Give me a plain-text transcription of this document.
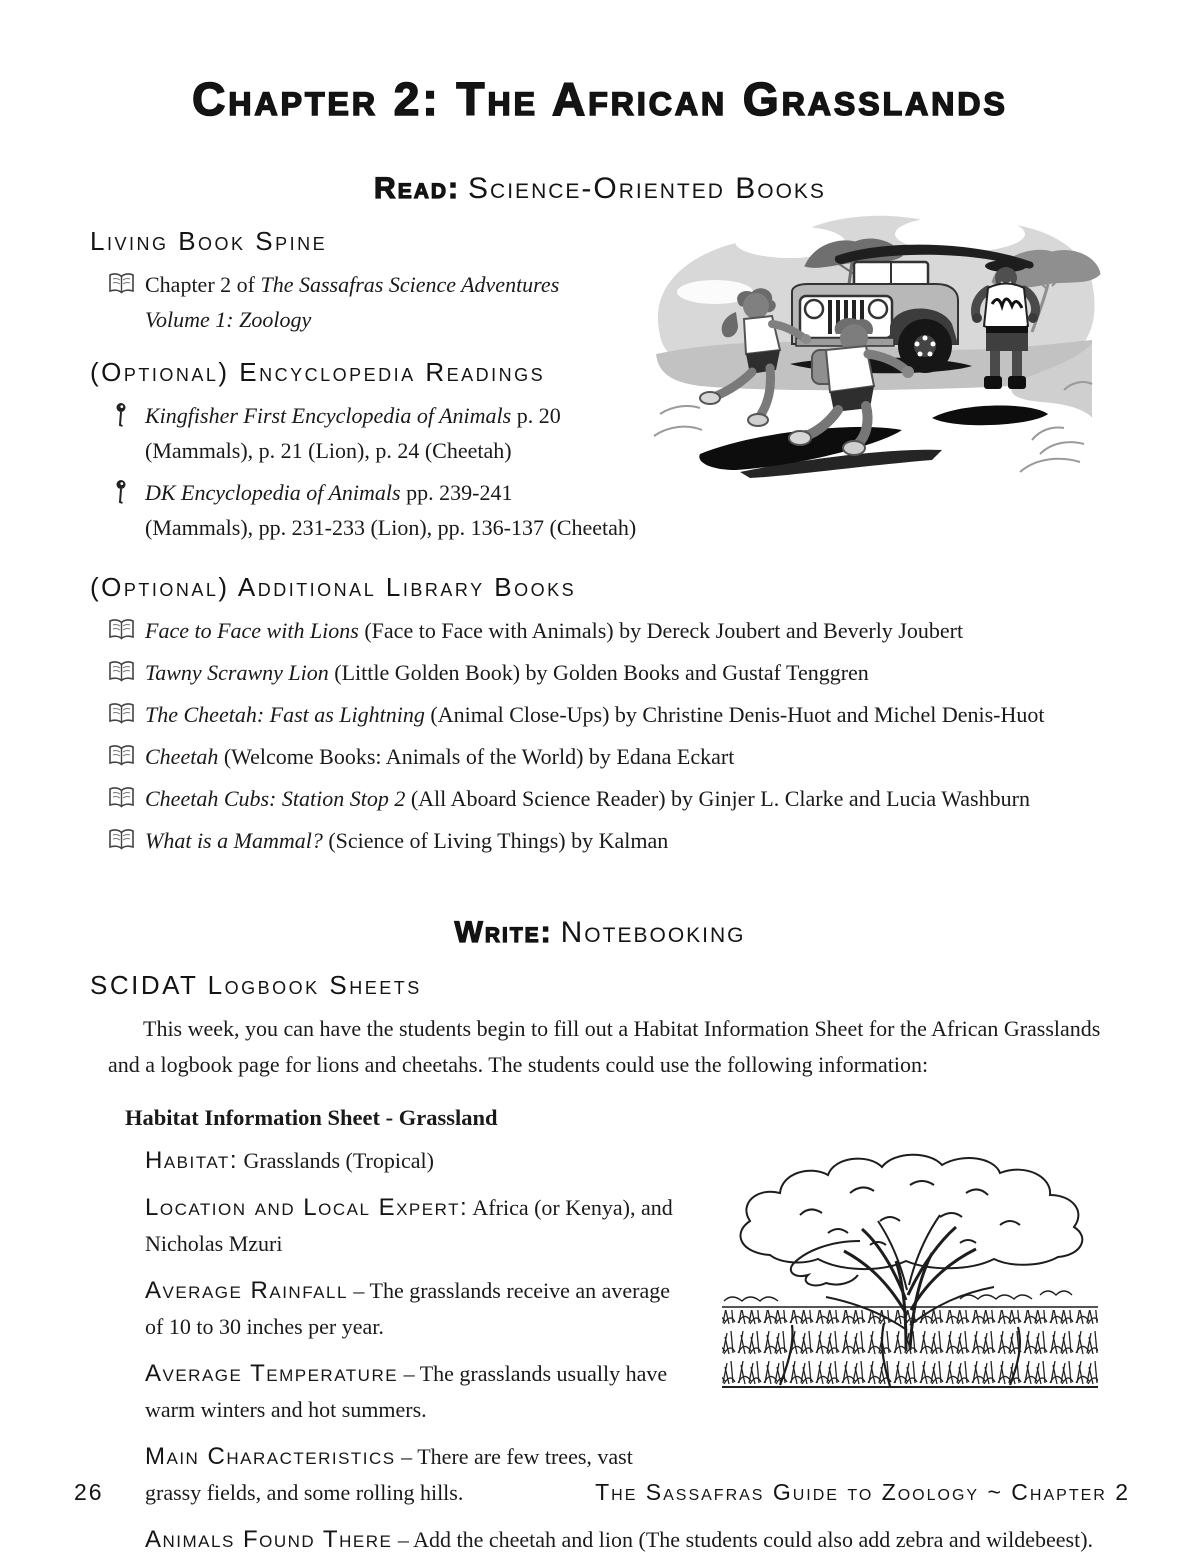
Chapter 2: The African Grasslands
Read: Science-Oriented Books
Living Book Spine
Chapter 2 of The Sassafras Science Adventures Volume 1: Zoology
(Optional) Encyclopedia Readings
Kingfisher First Encyclopedia of Animals p. 20 (Mammals), p. 21 (Lion), p. 24 (Cheetah)
DK Encyclopedia of Animals pp. 239-241 (Mammals), pp. 231-233 (Lion), pp. 136-137 (Cheetah)
(Optional) Additional Library Books
Face to Face with Lions (Face to Face with Animals) by Dereck Joubert and Beverly Joubert
Tawny Scrawny Lion (Little Golden Book) by Golden Books and Gustaf Tenggren
The Cheetah: Fast as Lightning (Animal Close-Ups) by Christine Denis-Huot and Michel Denis-Huot
Cheetah (Welcome Books: Animals of the World) by Edana Eckart
Cheetah Cubs: Station Stop 2 (All Aboard Science Reader) by Ginjer L. Clarke and Lucia Washburn
What is a Mammal? (Science of Living Things) by Kalman
Write: Notebooking
SCIDAT Logbook Sheets

This week, you can have the students begin to fill out a Habitat Information Sheet for the African Grasslands and a logbook page for lions and cheetahs. The students could use the following information:

Habitat Information Sheet - Grassland

Habitat: Grasslands (Tropical)

Location and Local Expert: Africa (or Kenya), and Nicholas Mzuri

Average Rainfall – The grasslands receive an average of 10 to 30 inches per year.

Average Temperature – The grasslands usually have warm winters and hot summers.

Main Characteristics – There are few trees, vast grassy fields, and some rolling hills.

Animals Found There – Add the cheetah and lion (The students could also add zebra and wildebeest).

26	The Sassafras Guide to Zoology ~ Chapter 2
